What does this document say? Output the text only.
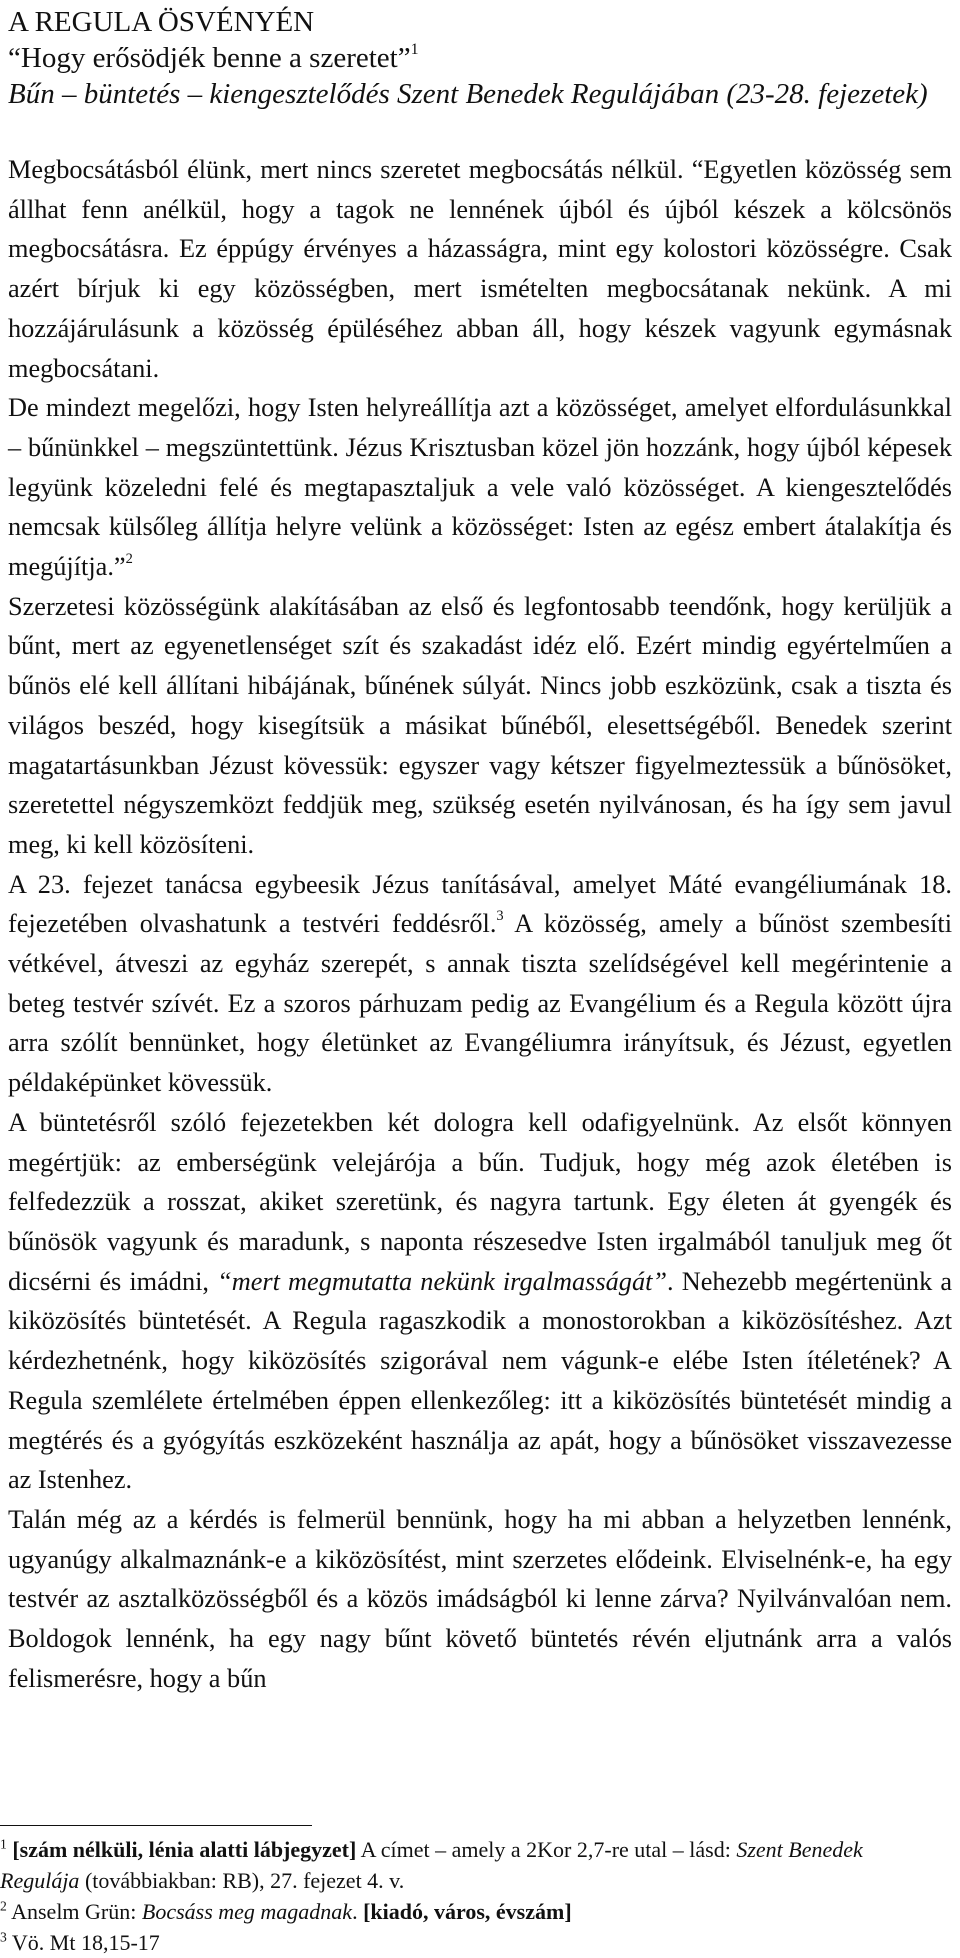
A REGULA ÖSVÉNYÉN
“Hogy erősödjék benne a szeretet”$^1$
Bűn – büntetés – kiengesztelődés Szent Benedek Regulájában (23-28. fejezetek)

Megbocsátásból élünk, mert nincs szeretet megbocsátás nélkül. “Egyetlen közösség sem állhat fenn anélkül, hogy a tagok ne lennének újból és újból készek a kölcsönös megbocsátásra. Ez éppúgy érvényes a házasságra, mint egy kolostori közösségre. Csak azért bírjuk ki egy közösségben, mert ismételten megbocsátanak nekünk. A mi hozzájárulásunk a közösség épüléséhez abban áll, hogy készek vagyunk egymásnak megbocsátani.

De mindezt megelőzi, hogy Isten helyreállítja azt a közösséget, amelyet elfordulásunkkal – bűnünkkel – megszüntettünk. Jézus Krisztusban közel jön hozzánk, hogy újból képesek legyünk közeledni felé és megtapasztaljuk a vele való közösséget. A kiengesztelődés nemcsak külsőleg állítja helyre velünk a közösséget: Isten az egész embert átalakítja és megújítja.”$^2$

Szerzetesi közösségünk alakításában az első és legfontosabb teendőnk, hogy kerüljük a bűnt, mert az egyenetlenséget szít és szakadást idéz elő. Ezért mindig egyértelműen a bűnös elé kell állítani hibájának, bűnének súlyát. Nincs jobb eszközünk, csak a tiszta és világos beszéd, hogy kisegítsük a másikat bűnéből, elesettségéből. Benedek szerint magatartásunkban Jézust kövessük: egyszer vagy kétszer figyelmeztessük a bűnösöket, szeretettel négyszemközt feddjük meg, szükség esetén nyilvánosan, és ha így sem javul meg, ki kell közösíteni.

A 23. fejezet tanácsa egybeesik Jézus tanításával, amelyet Máté evangéliumának 18. fejezetében olvashatunk a testvéri feddésről.$^3$ A közösség, amely a bűnöst szembesíti vétkével, átveszi az egyház szerepét, s annak tiszta szelídségével kell megérintenie a beteg testvér szívét. Ez a szoros párhuzam pedig az Evangélium és a Regula között újra arra szólít bennünket, hogy életünket az Evangéliumra irányítsuk, és Jézust, egyetlen példaképünket kövessük.

A büntetésről szóló fejezetekben két dologra kell odafigyelnünk. Az elsőt könnyen megértjük: az emberségünk velejárója a bűn. Tudjuk, hogy még azok életében is felfedezzük a rosszat, akiket szeretünk, és nagyra tartunk. Egy életen át gyengék és bűnösök vagyunk és maradunk, s naponta részesedve Isten irgalmából tanuljuk meg őt dicsérni és imádni, “mert megmutatta nekünk irgalmasságát”. Nehezebb megértenünk a kiközösítés büntetését. A Regula ragaszkodik a monostorokban a kiközösítéshez. Azt kérdezhetnénk, hogy kiközösítés szigorával nem vágunk-e elébe Isten ítéletének? A Regula szemlélete értelmében éppen ellenkezőleg: itt a kiközösítés büntetését mindig a megtérés és a gyógyítás eszközeként használja az apát, hogy a bűnösöket visszavezesse az Istenhez.

Talán még az a kérdés is felmerül bennünk, hogy ha mi abban a helyzetben lennénk, ugyanúgy alkalmaznánk-e a kiközösítést, mint szerzetes elődeink. Elviselnénk-e, ha egy testvér az asztalközösségből és a közös imádságból ki lenne zárva? Nyilvánvalóan nem. Boldogok lennénk, ha egy nagy bűnt követő büntetés révén eljutnánk arra a valós felismerésre, hogy a bűn

$^1$ [szám nélküli, lénia alatti lábjegyzet] A címet – amely a 2Kor 2,7-re utal – lásd: Szent Benedek Regulája (továbbiakban: RB), 27. fejezet 4. v.

$^2$ Anselm Grün: Bocsáss meg magadnak. [kiadó, város, évszám]

$^3$ Vö. Mt 18,15-17
